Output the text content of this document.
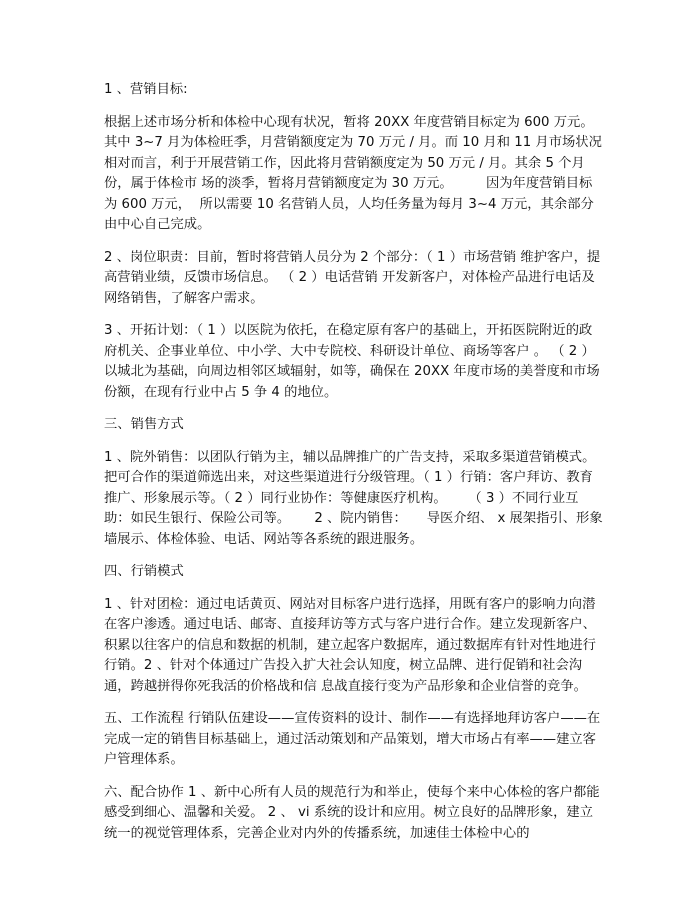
1 、营销目标:

根据上述市场分析和体检中心现有状况，暂将 20XX 年度营销目标定为 600 万元。其中 3~7 月为体检旺季，月营销额度定为 70 万元 / 月。而 10 月和 11 月市场状况相对而言，利于开展营销工作，因此将月营销额度定为 50 万元 / 月。其余 5 个月份，属于体检市 场的淡季，暂将月营销额度定为 30 万元。　　　因为年度营销目标为 600 万元，  所以需要 10 名营销人员，人均任务量为每月 3~4 万元，其余部分由中心自己完成。

2 、岗位职责：目前，暂时将营销人员分为 2 个部分：（ 1 ）市场营销 维护客户，提高营销业绩，反馈市场信息。 （ 2 ）电话营销 开发新客户，对体检产品进行电话及网络销售，了解客户需求。

3 、开拓计划：（ 1 ）以医院为依托，在稳定原有客户的基础上，开拓医院附近的政府机关、企事业单位、中小学、大中专院校、科研设计单位、商场等客户 。 （ 2 ）以城北为基础，向周边相邻区域辐射，如等，确保在 20XX 年度市场的美誉度和市场份额，在现有行业中占 5 争 4 的地位。

三、销售方式

1 、院外销售：以团队行销为主，辅以品牌推广的广告支持，采取多渠道营销模式。把可合作的渠道筛选出来，对这些渠道进行分级管理。（ 1 ）行销：客户拜访、教育推广、形象展示等。（ 2 ）同行业协作：等健康医疗机构。 　 （ 3 ）不同行业互助：如民生银行、保险公司等。　　 2 、院内销售：　　导医介绍、 x 展架指引、形象墙展示、体检体验、电话、网站等各系统的跟进服务。

四、行销模式

1 、针对团检：通过电话黄页、网站对目标客户进行选择，用既有客户的影响力向潜在客户渗透。通过电话、邮寄、直接拜访等方式与客户进行合作。建立发现新客户、积累以往客户的信息和数据的机制，建立起客户数据库，通过数据库有针对性地进行行销。2 、针对个体通过广告投入扩大社会认知度，树立品牌、进行促销和社会沟通，跨越拼得你死我活的价格战和信 息战直接行变为产品形象和企业信誉的竞争。

五、工作流程 行销队伍建设——宣传资料的设计、制作——有选择地拜访客户——在完成一定的销售目标基础上，通过活动策划和产品策划，增大市场占有率——建立客户管理体系。

六、配合协作 1 、新中心所有人员的规范行为和举止，使每个来中心体检的客户都能感受到细心、温馨和关爱。 2 、 vi 系统的设计和应用。树立良好的品牌形象，建立统一的视觉管理体系，完善企业对内外的传播系统，加速佳士体检中心的
